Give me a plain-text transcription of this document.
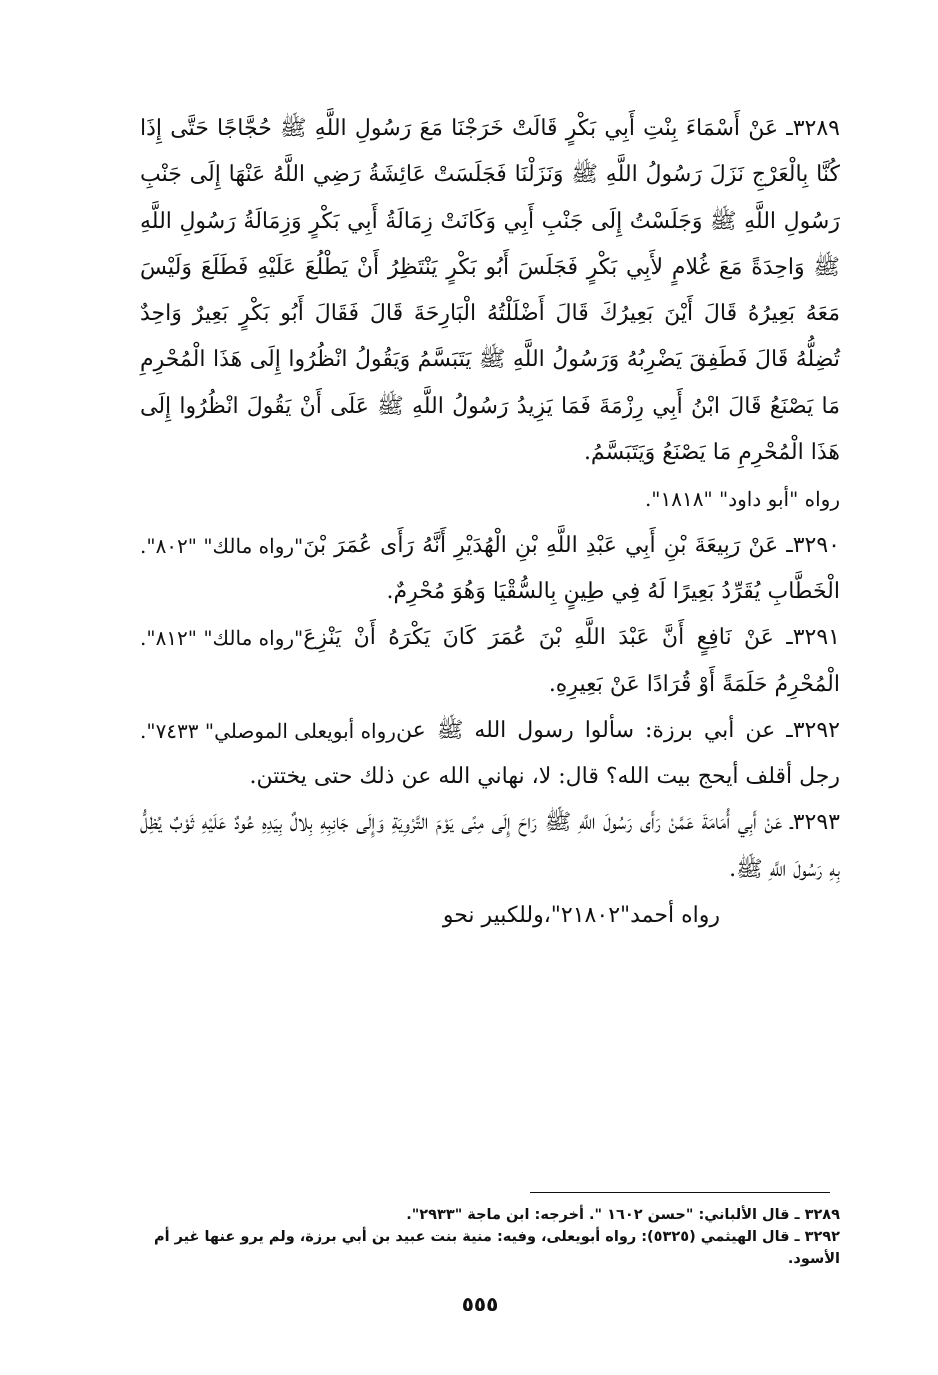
٣٢٨٩ـ عَنْ أَسْمَاءَ بِنْتِ أَبِي بَكْرٍ قَالَتْ خَرَجْنَا مَعَ رَسُولِ اللَّهِ ﷺ حُجَّاجًا حَتَّى إِذَا كُنَّا بِالْعَرْجِ نَزَلَ رَسُولُ اللَّهِ ﷺ وَنَزَلْنَا فَجَلَسَتْ عَائِشَةُ رَضِي اللَّهُ عَنْهَا إِلَى جَنْبِ رَسُولِ اللَّهِ ﷺ وَجَلَسْتُ إِلَى جَنْبِ أَبِي وَكَانَتْ زِمَالَةُ أَبِي بَكْرٍ وَزِمَالَةُ رَسُولِ اللَّهِ ﷺ وَاحِدَةً مَعَ غُلامٍ لأَبِي بَكْرٍ فَجَلَسَ أَبُو بَكْرٍ يَنْتَظِرُ أَنْ يَطْلُعَ عَلَيْهِ فَطَلَعَ وَلَيْسَ مَعَهُ بَعِيرُهُ قَالَ أَيْنَ بَعِيرُكَ قَالَ أَضْلَلْتُهُ الْبَارِحَةَ قَالَ فَقَالَ أَبُو بَكْرٍ بَعِيرٌ وَاحِدٌ تُضِلُّهُ قَالَ فَطَفِقَ يَضْرِبُهُ وَرَسُولُ اللَّهِ ﷺ يَتَبَسَّمُ وَيَقُولُ انْظُرُوا إِلَى هَذَا الْمُحْرِمِ مَا يَصْنَعُ قَالَ ابْنُ أَبِي رِزْمَةَ فَمَا يَزِيدُ رَسُولُ اللَّهِ ﷺ عَلَى أَنْ يَقُولَ انْظُرُوا إِلَى هَذَا الْمُحْرِمِ مَا يَصْنَعُ وَيَتَبَسَّمُ.
رواه "أبو داود" "١٨١٨".

"رواه مالك" "٨٠٢". ٣٢٩٠ـ عَنْ رَبِيعَةَ بْنِ أَبِي عَبْدِ اللَّهِ بْنِ الْهُدَيْرِ أَنَّهُ رَأَى عُمَرَ بْنَ الْخَطَّابِ يُقَرِّدُ بَعِيرًا لَهُ فِي طِينٍ بِالسُّقْيَا وَهُوَ مُحْرِمٌ.

"رواه مالك" "٨١٢". ٣٢٩١ـ عَنْ نَافِعٍ أَنَّ عَبْدَ اللَّهِ بْنَ عُمَرَ كَانَ يَكْرَهُ أَنْ يَنْزِعَ الْمُحْرِمُ حَلَمَةً أَوْ قُرَادًا عَنْ بَعِيرِهِ.

رواه أبويعلى الموصلي" ٧٤٣٣". ٣٢٩٢ـ عن أبي برزة: سألوا رسول الله ﷺ عن رجل أقلف أيحج بيت الله؟ قال: لا، نهاني الله عن ذلك حتى يختتن.

٣٢٩٣ـ عَنْ أَبِي أُمَامَةَ عَمَّنْ رَأَى رَسُولَ اللَّهِ ﷺ رَاحَ إِلَى مِنًى يَوْمَ التَّرْوِيَةِ وَإِلَى جَانِبِهِ بِلالٌ بِيَدِهِ عُودٌ عَلَيْهِ ثَوْبٌ يُظِلُّ بِهِ رَسُولَ اللَّهِ ﷺ.

رواه أحمد"٢١٨٠٢"،وللكبير نحو

٣٢٨٩ ـ قال الألباني: "حسن ١٦٠٢ ". أخرجه: ابن ماجة "٢٩٣٣".

٣٢٩٢ ـ قال الهيثمي (٥٣٢٥): رواه أبويعلى، وفيه: منية بنت عبيد بن أبي برزة، ولم يرو عنها غير أم الأسود.

٥٥٥
